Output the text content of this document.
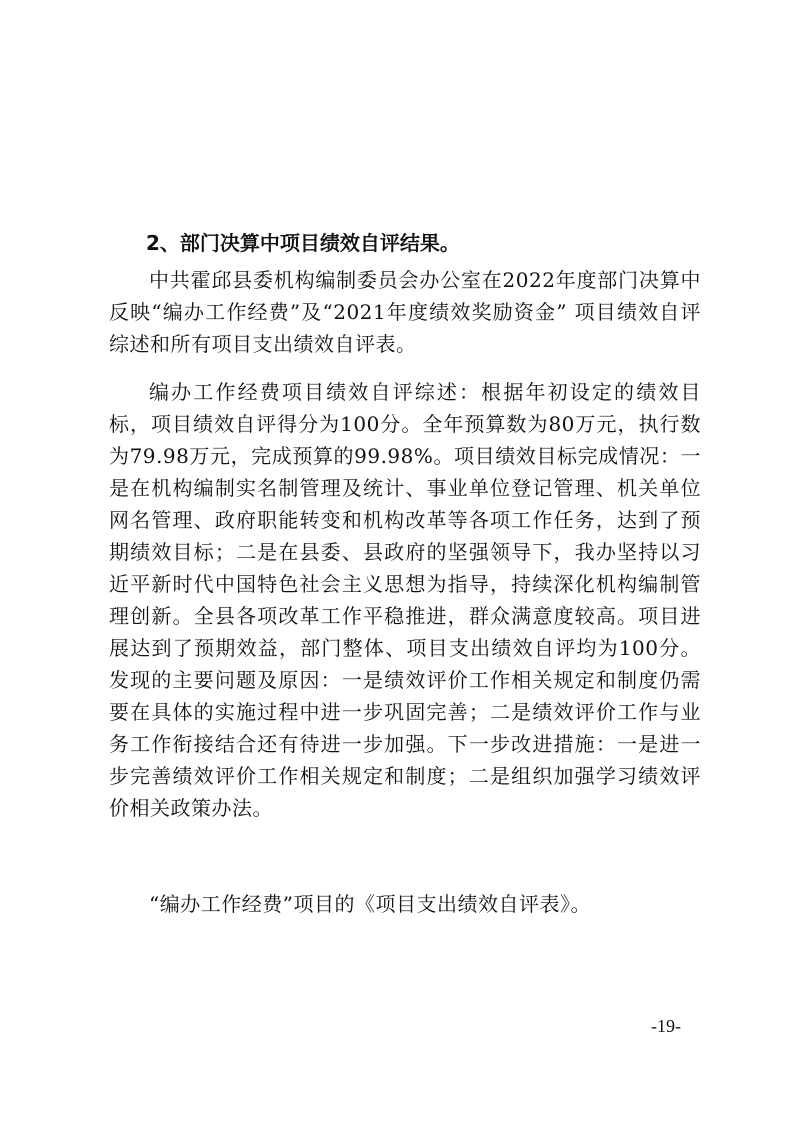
2、部门决算中项目绩效自评结果。

中共霍邱县委机构编制委员会办公室在2022年度部门决算中反映“编办工作经费”及“2021年度绩效奖励资金” 项目绩效自评综述和所有项目支出绩效自评表。

编办工作经费项目绩效自评综述：根据年初设定的绩效目标，项目绩效自评得分为100分。全年预算数为80万元，执行数为79.98万元，完成预算的99.98%。项目绩效目标完成情况：一是在机构编制实名制管理及统计、事业单位登记管理、机关单位网名管理、政府职能转变和机构改革等各项工作任务，达到了预期绩效目标；二是在县委、县政府的坚强领导下，我办坚持以习近平新时代中国特色社会主义思想为指导，持续深化机构编制管理创新。全县各项改革工作平稳推进，群众满意度较高。项目进展达到了预期效益，部门整体、项目支出绩效自评均为100分。发现的主要问题及原因：一是绩效评价工作相关规定和制度仍需要在具体的实施过程中进一步巩固完善；二是绩效评价工作与业务工作衔接结合还有待进一步加强。下一步改进措施：一是进一步完善绩效评价工作相关规定和制度；二是组织加强学习绩效评价相关政策办法。

“编办工作经费”项目的《项目支出绩效自评表》。

-19-
